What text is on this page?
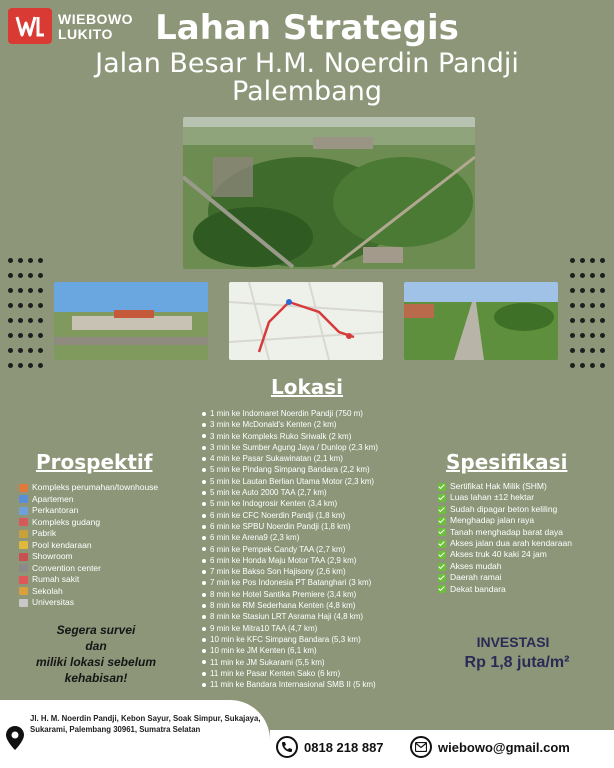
WIEBOWO
LUKITO	Lahan Strategis
Jalan Besar H.M. Noerdin Pandji
Palembang
Lokasi
1 min ke Indomaret Noerdin Pandji (750 m)
3 min ke McDonald's Kenten (2 km)
3 min ke Kompleks Ruko Sriwalk (2 km)
3 min ke Sumber Agung Jaya / Dunlop (2,3 km)
4 min ke Pasar Sukawinatan (2,1 km)
5 min ke Pindang Simpang Bandara (2,2 km)
5 min ke Lautan Berlian Utama Motor (2,3 km)
5 min ke Auto 2000 TAA (2,7 km)
5 min ke Indogrosir Kenten (3,4 km)
6 min ke CFC Noerdin Pandji (1,8 km)
6 min ke SPBU Noerdin Pandji (1,8 km)
6 min ke Arena9 (2,3 km)
6 min ke Pempek Candy TAA (2,7 km)
6 min ke Honda Maju Motor TAA (2,9 km)
7 min ke Bakso Son Hajisony (2,6 km)
7 min ke Pos Indonesia PT Batanghari (3 km)
8 min ke Hotel Santika Premiere (3,4 km)
8 min ke RM Sederhana Kenten (4,8 km)
8 min ke Stasiun LRT Asrama Haji (4,8 km)
9 min ke Mitra10 TAA (4,7 km)
10 min ke KFC Simpang Bandara (5,3 km)
10 min ke JM Kenten (6,1 km)
11 min ke JM Sukarami (5,5 km)
11 min ke Pasar Kenten Sako (6 km)
11 min ke Bandara Internasional SMB II (5 km)
Prospektif
Kompleks perumahan/townhouse
Apartemen
Perkantoran
Kompleks gudang
Pabrik
Pool kendaraan
Showroom
Convention center
Rumah sakit
Sekolah
Universitas
Spesifikasi
Sertifikat Hak Milik (SHM)
Luas lahan ±12 hektar
Sudah dipagar beton keliling
Menghadap jalan raya
Tanah menghadap barat daya
Akses jalan dua arah kendaraan
Akses truk 40 kaki 24 jam
Akses mudah
Daerah ramai
Dekat bandara
Segera survei
dan
miliki lokasi sebelum
kehabisan!
INVESTASI
Rp 1,8 juta/m²
Jl. H. M. Noerdin Pandji, Kebon Sayur, Soak Simpur, Sukajaya, Sukarami, Palembang 30961, Sumatra Selatan
0818 218 887	wiebowo@gmail.com
